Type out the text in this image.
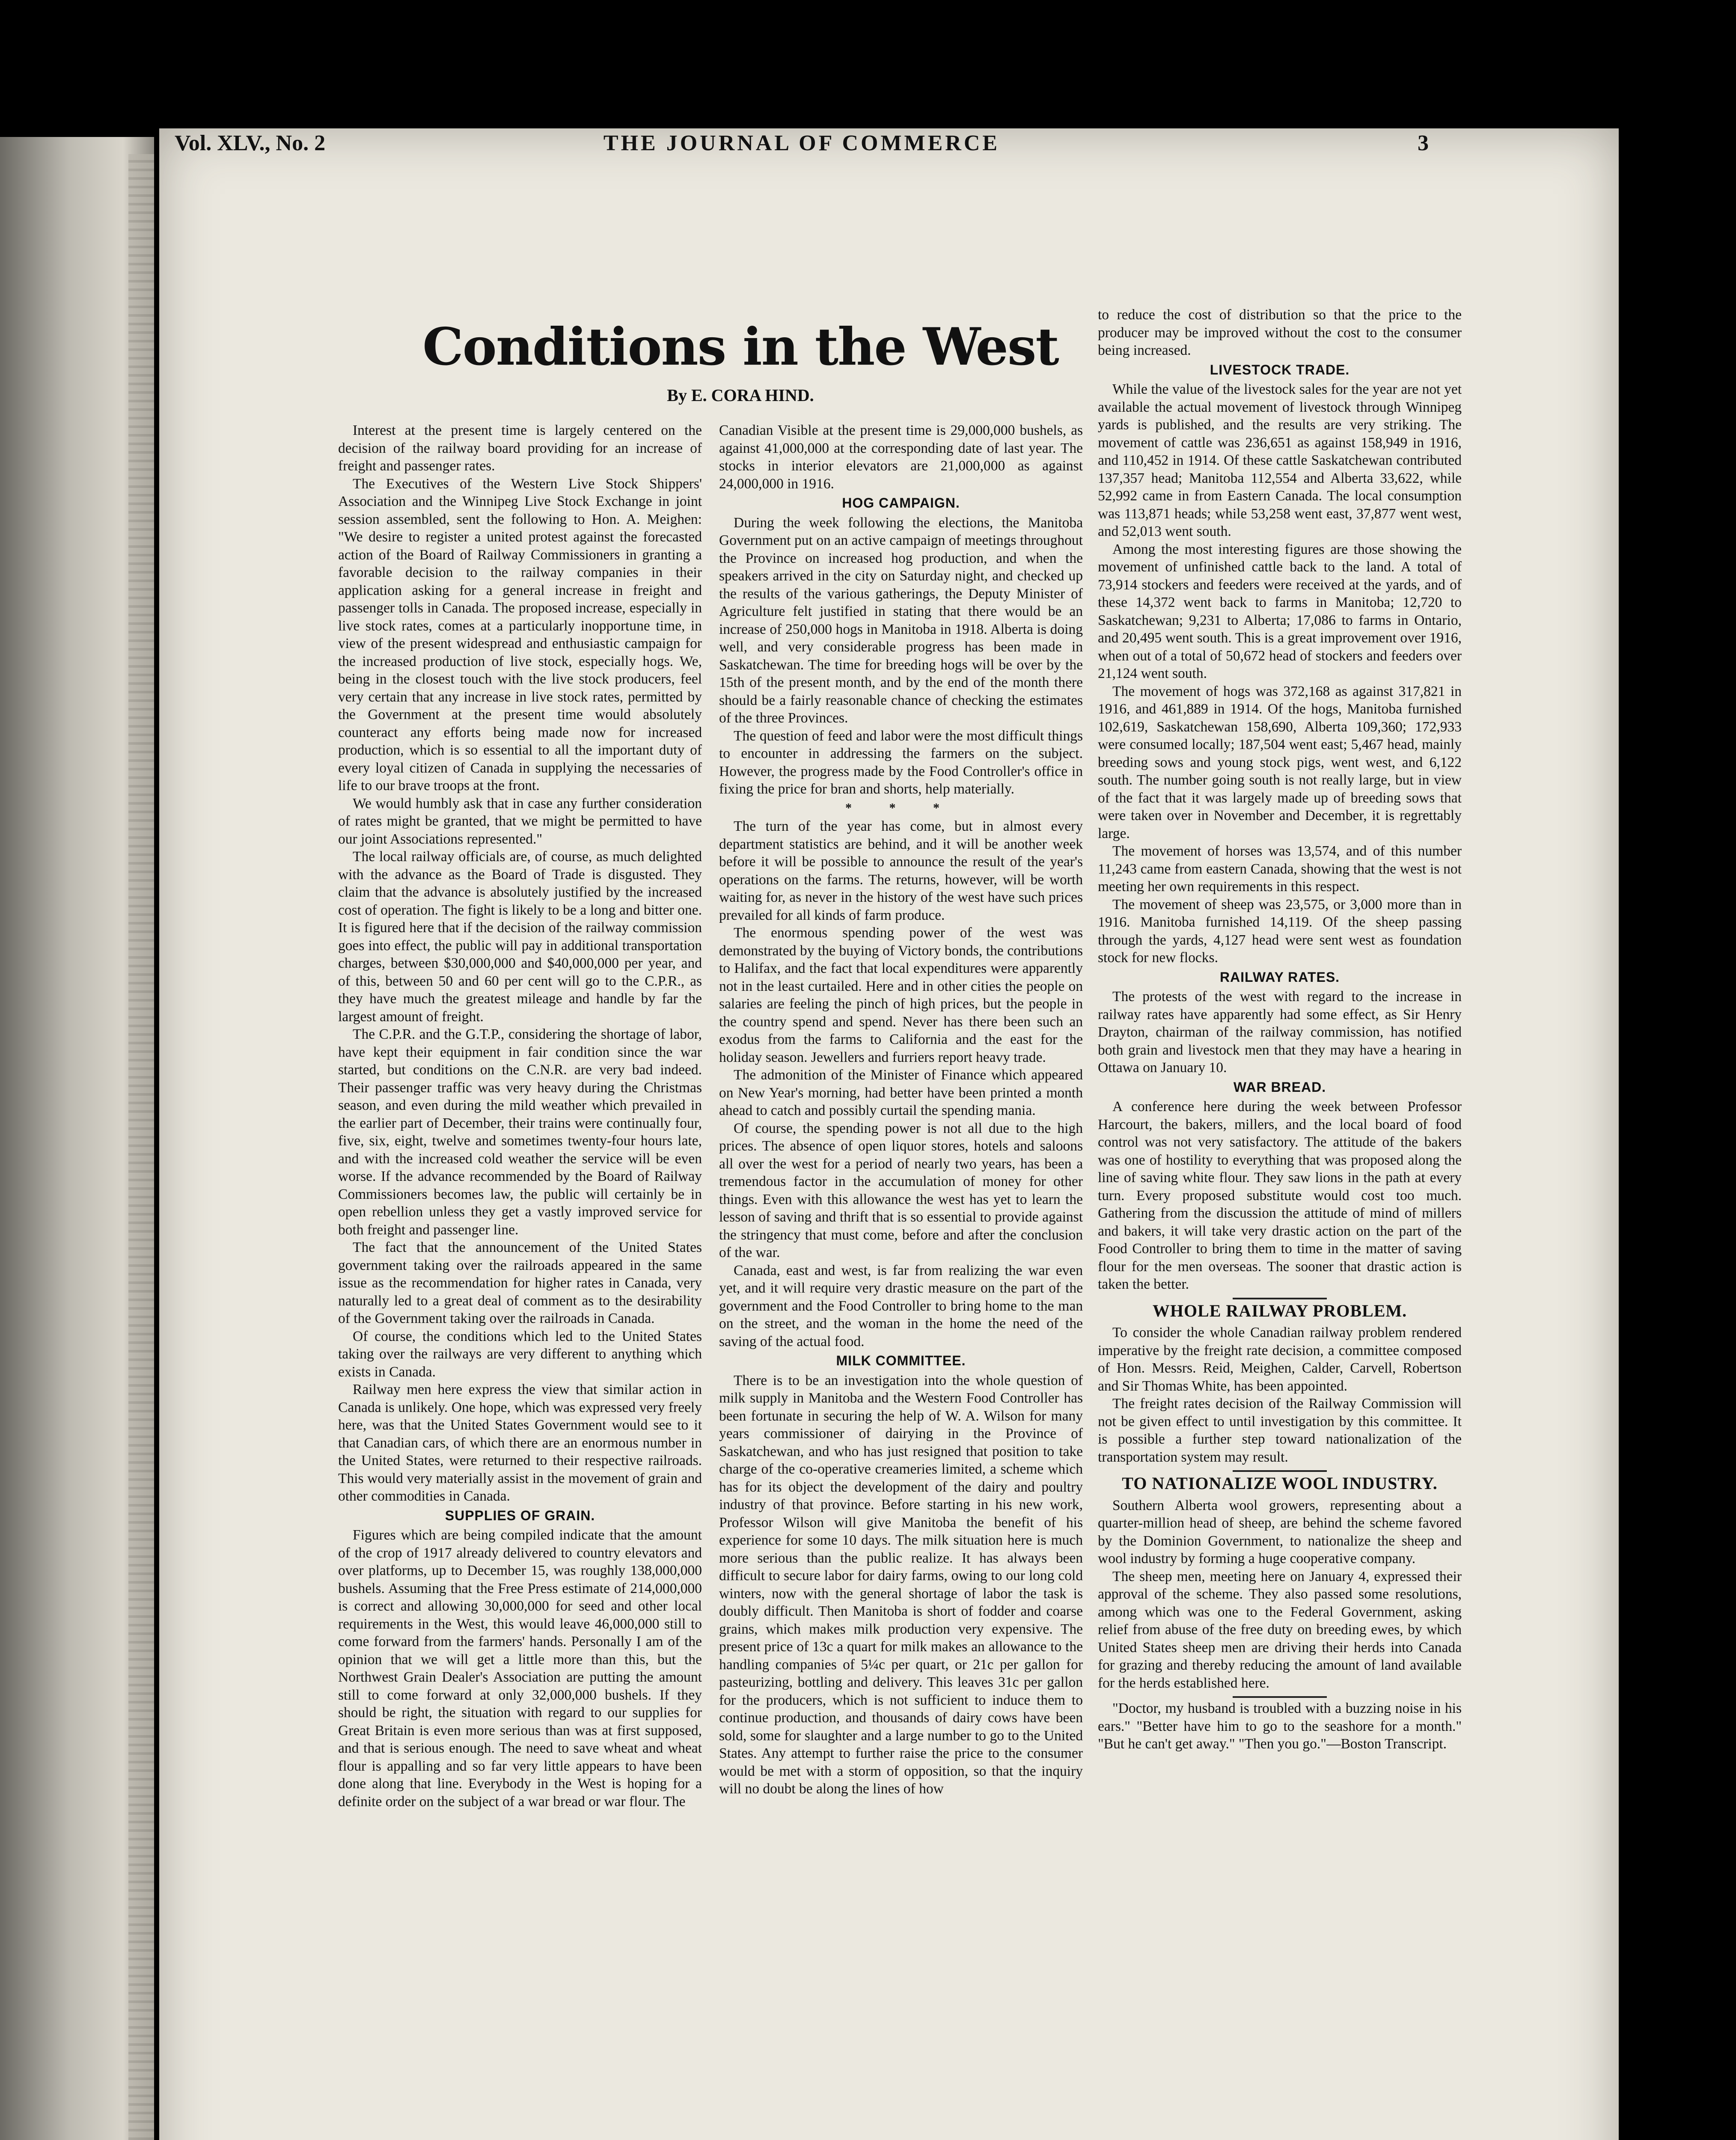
Vol. XLV., No. 2	THE JOURNAL OF COMMERCE	3
Conditions in the West
By E. CORA HIND.

Interest at the present time is largely centered on the decision of the railway board providing for an increase of freight and passenger rates.

The Executives of the Western Live Stock Shippers' Association and the Winnipeg Live Stock Exchange in joint session assembled, sent the following to Hon. A. Meighen: "We desire to register a united protest against the forecasted action of the Board of Railway Commissioners in granting a favorable decision to the railway companies in their application asking for a general increase in freight and passenger tolls in Canada. The proposed increase, especially in live stock rates, comes at a particularly inopportune time, in view of the present widespread and enthusiastic campaign for the increased production of live stock, especially hogs. We, being in the closest touch with the live stock producers, feel very certain that any increase in live stock rates, permitted by the Government at the present time would absolutely counteract any efforts being made now for increased production, which is so essential to all the important duty of every loyal citizen of Canada in supplying the necessaries of life to our brave troops at the front.

We would humbly ask that in case any further consideration of rates might be granted, that we might be permitted to have our joint Associations represented."

The local railway officials are, of course, as much delighted with the advance as the Board of Trade is disgusted. They claim that the advance is absolutely justified by the increased cost of operation. The fight is likely to be a long and bitter one. It is figured here that if the decision of the railway commission goes into effect, the public will pay in additional transportation charges, between $30,000,000 and $40,000,000 per year, and of this, between 50 and 60 per cent will go to the C.P.R., as they have much the greatest mileage and handle by far the largest amount of freight.

The C.P.R. and the G.T.P., considering the shortage of labor, have kept their equipment in fair condition since the war started, but conditions on the C.N.R. are very bad indeed. Their passenger traffic was very heavy during the Christmas season, and even during the mild weather which prevailed in the earlier part of December, their trains were continually four, five, six, eight, twelve and sometimes twenty-four hours late, and with the increased cold weather the service will be even worse. If the advance recommended by the Board of Railway Commissioners becomes law, the public will certainly be in open rebellion unless they get a vastly improved service for both freight and passenger line.

The fact that the announcement of the United States government taking over the railroads appeared in the same issue as the recommendation for higher rates in Canada, very naturally led to a great deal of comment as to the desirability of the Government taking over the railroads in Canada.

Of course, the conditions which led to the United States taking over the railways are very different to anything which exists in Canada.

Railway men here express the view that similar action in Canada is unlikely. One hope, which was expressed very freely here, was that the United States Government would see to it that Canadian cars, of which there are an enormous number in the United States, were returned to their respective railroads. This would very materially assist in the movement of grain and other commodities in Canada.

SUPPLIES OF GRAIN.

Figures which are being compiled indicate that the amount of the crop of 1917 already delivered to country elevators and over platforms, up to December 15, was roughly 138,000,000 bushels. Assuming that the Free Press estimate of 214,000,000 is correct and allowing 30,000,000 for seed and other local requirements in the West, this would leave 46,000,000 still to come forward from the farmers' hands. Personally I am of the opinion that we will get a little more than this, but the Northwest Grain Dealer's Association are putting the amount still to come forward at only 32,000,000 bushels. If they should be right, the situation with regard to our supplies for Great Britain is even more serious than was at first supposed, and that is serious enough. The need to save wheat and wheat flour is appalling and so far very little appears to have been done along that line. Everybody in the West is hoping for a definite order on the subject of a war bread or war flour. The

Canadian Visible at the present time is 29,000,000 bushels, as against 41,000,000 at the corresponding date of last year. The stocks in interior elevators are 21,000,000 as against 24,000,000 in 1916.

HOG CAMPAIGN.

During the week following the elections, the Manitoba Government put on an active campaign of meetings throughout the Province on increased hog production, and when the speakers arrived in the city on Saturday night, and checked up the results of the various gatherings, the Deputy Minister of Agriculture felt justified in stating that there would be an increase of 250,000 hogs in Manitoba in 1918. Alberta is doing well, and very considerable progress has been made in Saskatchewan. The time for breeding hogs will be over by the 15th of the present month, and by the end of the month there should be a fairly reasonable chance of checking the estimates of the three Provinces.

The question of feed and labor were the most difficult things to encounter in addressing the farmers on the subject. However, the progress made by the Food Controller's office in fixing the price for bran and shorts, help materially.

* * *

The turn of the year has come, but in almost every department statistics are behind, and it will be another week before it will be possible to announce the result of the year's operations on the farms. The returns, however, will be worth waiting for, as never in the history of the west have such prices prevailed for all kinds of farm produce.

The enormous spending power of the west was demonstrated by the buying of Victory bonds, the contributions to Halifax, and the fact that local expenditures were apparently not in the least curtailed. Here and in other cities the people on salaries are feeling the pinch of high prices, but the people in the country spend and spend. Never has there been such an exodus from the farms to California and the east for the holiday season. Jewellers and furriers report heavy trade.

The admonition of the Minister of Finance which appeared on New Year's morning, had better have been printed a month ahead to catch and possibly curtail the spending mania.

Of course, the spending power is not all due to the high prices. The absence of open liquor stores, hotels and saloons all over the west for a period of nearly two years, has been a tremendous factor in the accumulation of money for other things. Even with this allowance the west has yet to learn the lesson of saving and thrift that is so essential to provide against the stringency that must come, before and after the conclusion of the war.

Canada, east and west, is far from realizing the war even yet, and it will require very drastic measure on the part of the government and the Food Controller to bring home to the man on the street, and the woman in the home the need of the saving of the actual food.

MILK COMMITTEE.

There is to be an investigation into the whole question of milk supply in Manitoba and the Western Food Controller has been fortunate in securing the help of W. A. Wilson for many years commissioner of dairying in the Province of Saskatchewan, and who has just resigned that position to take charge of the co-operative creameries limited, a scheme which has for its object the development of the dairy and poultry industry of that province. Before starting in his new work, Professor Wilson will give Manitoba the benefit of his experience for some 10 days. The milk situation here is much more serious than the public realize. It has always been difficult to secure labor for dairy farms, owing to our long cold winters, now with the general shortage of labor the task is doubly difficult. Then Manitoba is short of fodder and coarse grains, which makes milk production very expensive. The present price of 13c a quart for milk makes an allowance to the handling companies of 5¼c per quart, or 21c per gallon for pasteurizing, bottling and delivery. This leaves 31c per gallon for the producers, which is not sufficient to induce them to continue production, and thousands of dairy cows have been sold, some for slaughter and a large number to go to the United States. Any attempt to further raise the price to the consumer would be met with a storm of opposition, so that the inquiry will no doubt be along the lines of how

to reduce the cost of distribution so that the price to the producer may be improved without the cost to the consumer being increased.

LIVESTOCK TRADE.

While the value of the livestock sales for the year are not yet available the actual movement of livestock through Winnipeg yards is published, and the results are very striking. The movement of cattle was 236,651 as against 158,949 in 1916, and 110,452 in 1914. Of these cattle Saskatchewan contributed 137,357 head; Manitoba 112,554 and Alberta 33,622, while 52,992 came in from Eastern Canada. The local consumption was 113,871 heads; while 53,258 went east, 37,877 went west, and 52,013 went south.

Among the most interesting figures are those showing the movement of unfinished cattle back to the land. A total of 73,914 stockers and feeders were received at the yards, and of these 14,372 went back to farms in Manitoba; 12,720 to Saskatchewan; 9,231 to Alberta; 17,086 to farms in Ontario, and 20,495 went south. This is a great improvement over 1916, when out of a total of 50,672 head of stockers and feeders over 21,124 went south.

The movement of hogs was 372,168 as against 317,821 in 1916, and 461,889 in 1914. Of the hogs, Manitoba furnished 102,619, Saskatchewan 158,690, Alberta 109,360; 172,933 were consumed locally; 187,504 went east; 5,467 head, mainly breeding sows and young stock pigs, went west, and 6,122 south. The number going south is not really large, but in view of the fact that it was largely made up of breeding sows that were taken over in November and December, it is regrettably large.

The movement of horses was 13,574, and of this number 11,243 came from eastern Canada, showing that the west is not meeting her own requirements in this respect.

The movement of sheep was 23,575, or 3,000 more than in 1916. Manitoba furnished 14,119. Of the sheep passing through the yards, 4,127 head were sent west as foundation stock for new flocks.

RAILWAY RATES.

The protests of the west with regard to the increase in railway rates have apparently had some effect, as Sir Henry Drayton, chairman of the railway commission, has notified both grain and livestock men that they may have a hearing in Ottawa on January 10.

WAR BREAD.

A conference here during the week between Professor Harcourt, the bakers, millers, and the local board of food control was not very satisfactory. The attitude of the bakers was one of hostility to everything that was proposed along the line of saving white flour. They saw lions in the path at every turn. Every proposed substitute would cost too much. Gathering from the discussion the attitude of mind of millers and bakers, it will take very drastic action on the part of the Food Controller to bring them to time in the matter of saving flour for the men overseas. The sooner that drastic action is taken the better.

WHOLE RAILWAY PROBLEM.

To consider the whole Canadian railway problem rendered imperative by the freight rate decision, a committee composed of Hon. Messrs. Reid, Meighen, Calder, Carvell, Robertson and Sir Thomas White, has been appointed.

The freight rates decision of the Railway Commission will not be given effect to until investigation by this committee. It is possible a further step toward nationalization of the transportation system may result.

TO NATIONALIZE WOOL INDUSTRY.

Southern Alberta wool growers, representing about a quarter-million head of sheep, are behind the scheme favored by the Dominion Government, to nationalize the sheep and wool industry by forming a huge cooperative company.

The sheep men, meeting here on January 4, expressed their approval of the scheme. They also passed some resolutions, among which was one to the Federal Government, asking relief from abuse of the free duty on breeding ewes, by which United States sheep men are driving their herds into Canada for grazing and thereby reducing the amount of land available for the herds established here.

"Doctor, my husband is troubled with a buzzing noise in his ears." "Better have him to go to the seashore for a month." "But he can't get away." "Then you go."—Boston Transcript.
